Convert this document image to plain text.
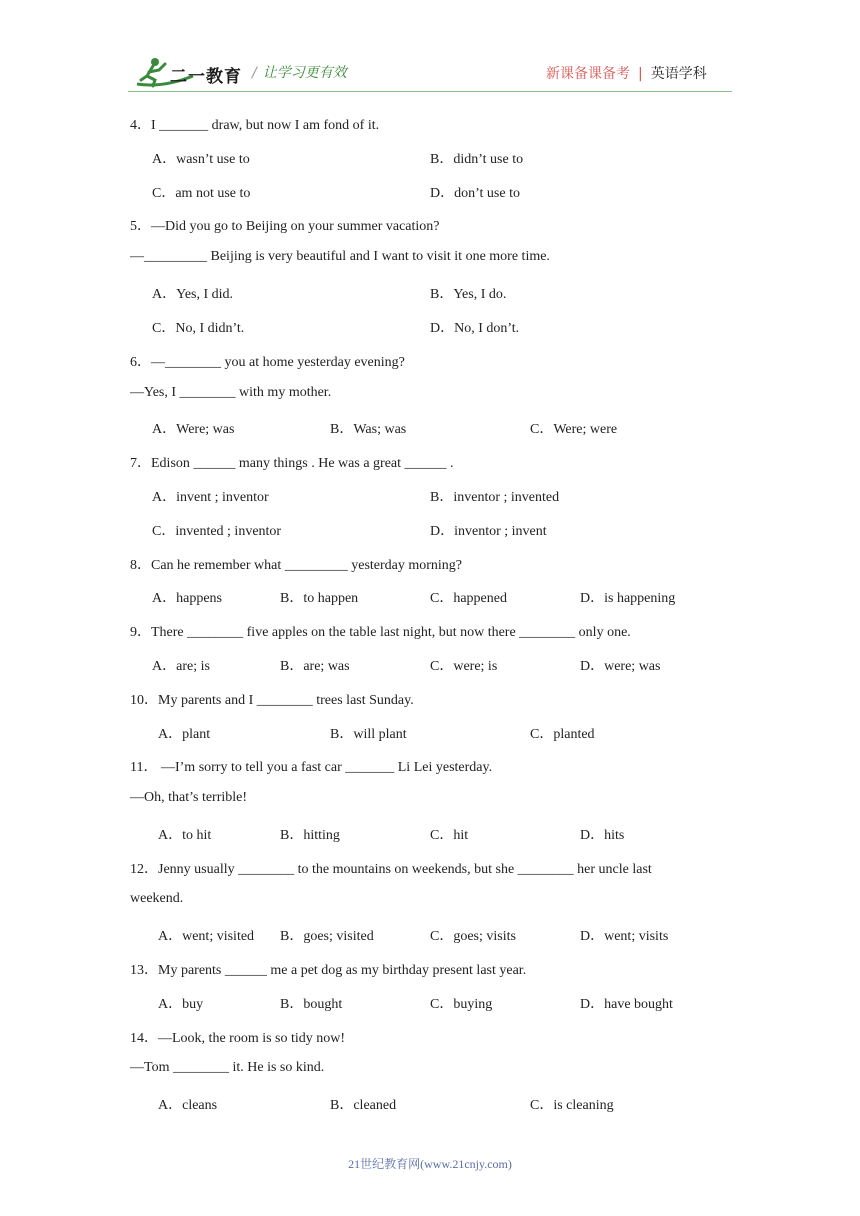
二一教育 / 让学习更有效	新课备课备考 | 英语学科
4．I _______ draw, but now I am fond of it.
A．wasn’t use to	B．didn’t use to
C．am not use to	D．don’t use to
5．—Did you go to Beijing on your summer vacation?
—_________ Beijing is very beautiful and I want to visit it one more time.
A．Yes, I did.	B．Yes, I do.
C．No, I didn’t.	D．No, I don’t.
6．—________ you at home yesterday evening?
—Yes, I ________ with my mother.
A．Were; was	B．Was; was	C．Were; were
7．Edison ______ many things . He was a great ______ .
A．invent ; inventor	B．inventor ; invented
C．invented ; inventor	D．inventor ; invent
8．Can he remember what _________ yesterday morning?
A．happens	B．to happen	C．happened	D．is happening
9．There ________ five apples on the table last night, but now there ________ only one.
A．are; is	B．are; was	C．were; is	D．were; was
10．My parents and I ________ trees last Sunday.
A．plant	B．will plant	C．planted
11． —I’m sorry to tell you a fast car _______ Li Lei yesterday.
—Oh, that’s terrible!
A．to hit	B．hitting	C．hit	D．hits
12．Jenny usually ________ to the mountains on weekends, but she ________ her uncle last
weekend.
A．went; visited B．goes; visited	C．goes; visits	D．went; visits
13．My parents ______ me a pet dog as my birthday present last year.
A．buy	B．bought	C．buying	D．have bought
14．—Look, the room is so tidy now!
—Tom ________ it. He is so kind.
A．cleans	B．cleaned	C．is cleaning
21世纪教育网(www.21cnjy.com)
